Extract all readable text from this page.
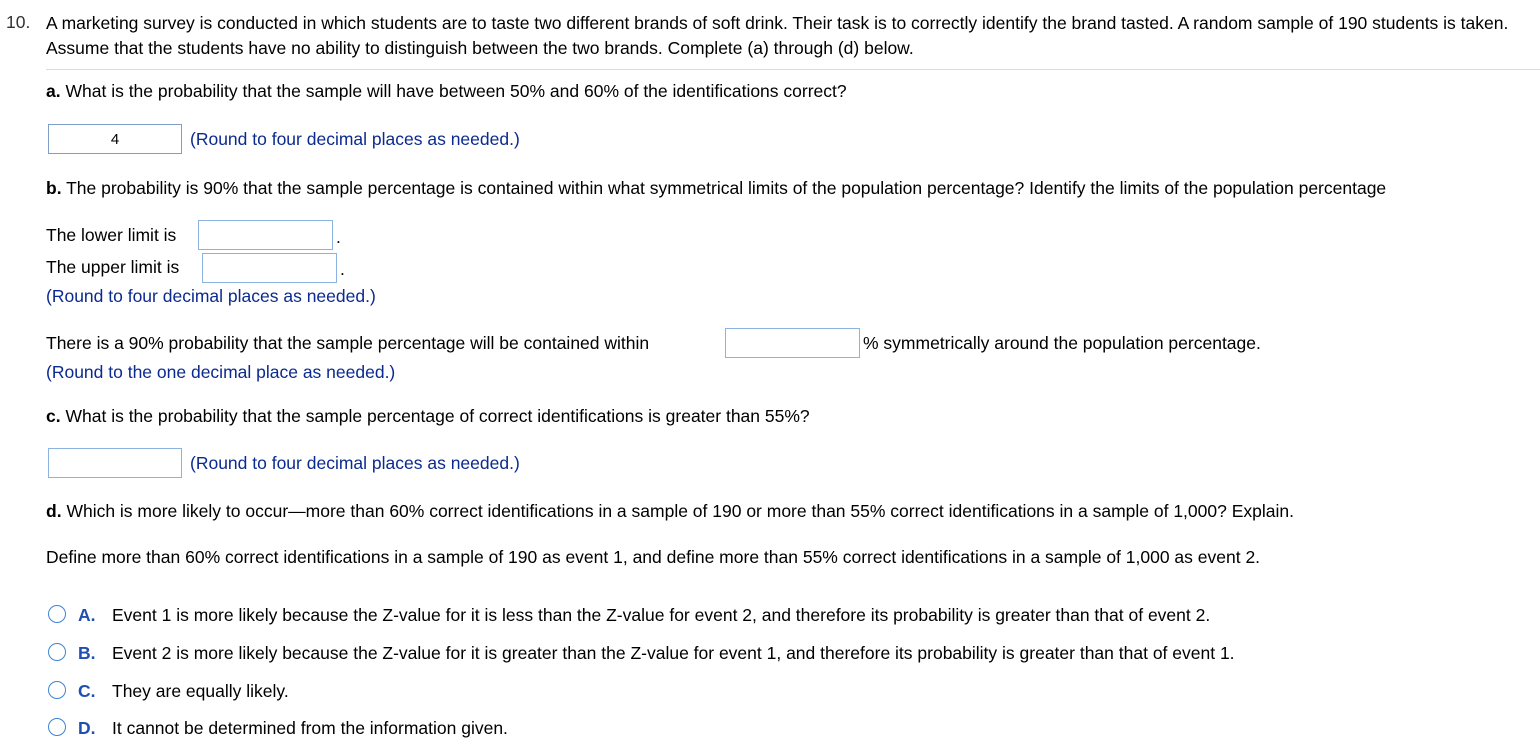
10. A marketing survey is conducted in which students are to taste two different brands of soft drink. Their task is to correctly identify the brand tasted. A random sample of 190 students is taken. Assume that the students have no ability to distinguish between the two brands. Complete (a) through (d) below.
a. What is the probability that the sample will have between 50% and 60% of the identifications correct?
4
(Round to four decimal places as needed.)
b. The probability is 90% that the sample percentage is contained within what symmetrical limits of the population percentage? Identify the limits of the population percentage
The lower limit is	.
The upper limit is	.
(Round to four decimal places as needed.)
There is a 90% probability that the sample percentage will be contained within	% symmetrically around the population percentage.
(Round to the one decimal place as needed.)
c. What is the probability that the sample percentage of correct identifications is greater than 55%?
(Round to four decimal places as needed.)
d. Which is more likely to occur—more than 60% correct identifications in a sample of 190 or more than 55% correct identifications in a sample of 1,000? Explain.
Define more than 60% correct identifications in a sample of 190 as event 1, and define more than 55% correct identifications in a sample of 1,000 as event 2.
A. Event 1 is more likely because the Z-value for it is less than the Z-value for event 2, and therefore its probability is greater than that of event 2.
B. Event 2 is more likely because the Z-value for it is greater than the Z-value for event 1, and therefore its probability is greater than that of event 1.
C. They are equally likely.
D. It cannot be determined from the information given.
